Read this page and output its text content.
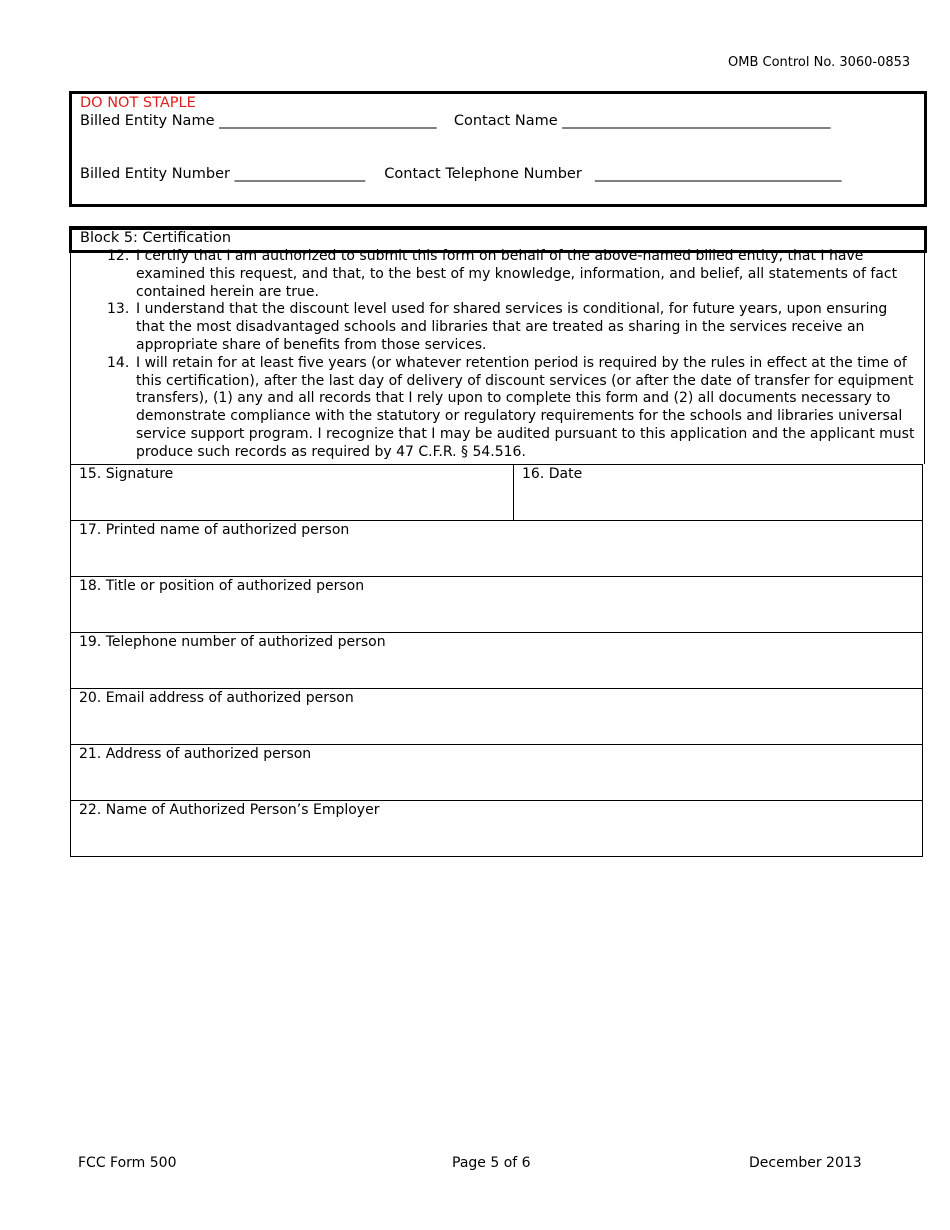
OMB Control No. 3060-0853
DO NOT STAPLE
Billed Entity Name ______________________________ Contact Name _____________________________________
Billed Entity Number __________________ Contact Telephone Number __________________________________
Block 5: Certification
12. I certify that I am authorized to submit this form on behalf of the above-named billed entity, that I have examined this request, and that, to the best of my knowledge, information, and belief, all statements of fact contained herein are true.
13. I understand that the discount level used for shared services is conditional, for future years, upon ensuring that the most disadvantaged schools and libraries that are treated as sharing in the services receive an appropriate share of benefits from those services.
14. I will retain for at least five years (or whatever retention period is required by the rules in effect at the time of this certification), after the last day of delivery of discount services (or after the date of transfer for equipment transfers), (1) any and all records that I rely upon to complete this form and (2) all documents necessary to demonstrate compliance with the statutory or regulatory requirements for the schools and libraries universal service support program. I recognize that I may be audited pursuant to this application and the applicant must produce such records as required by 47 C.F.R. § 54.516.
15. Signature	16. Date
17. Printed name of authorized person
18. Title or position of authorized person
19. Telephone number of authorized person
20. Email address of authorized person
21. Address of authorized person
22. Name of Authorized Person’s Employer
FCC Form 500	Page 5 of 6	December 2013
